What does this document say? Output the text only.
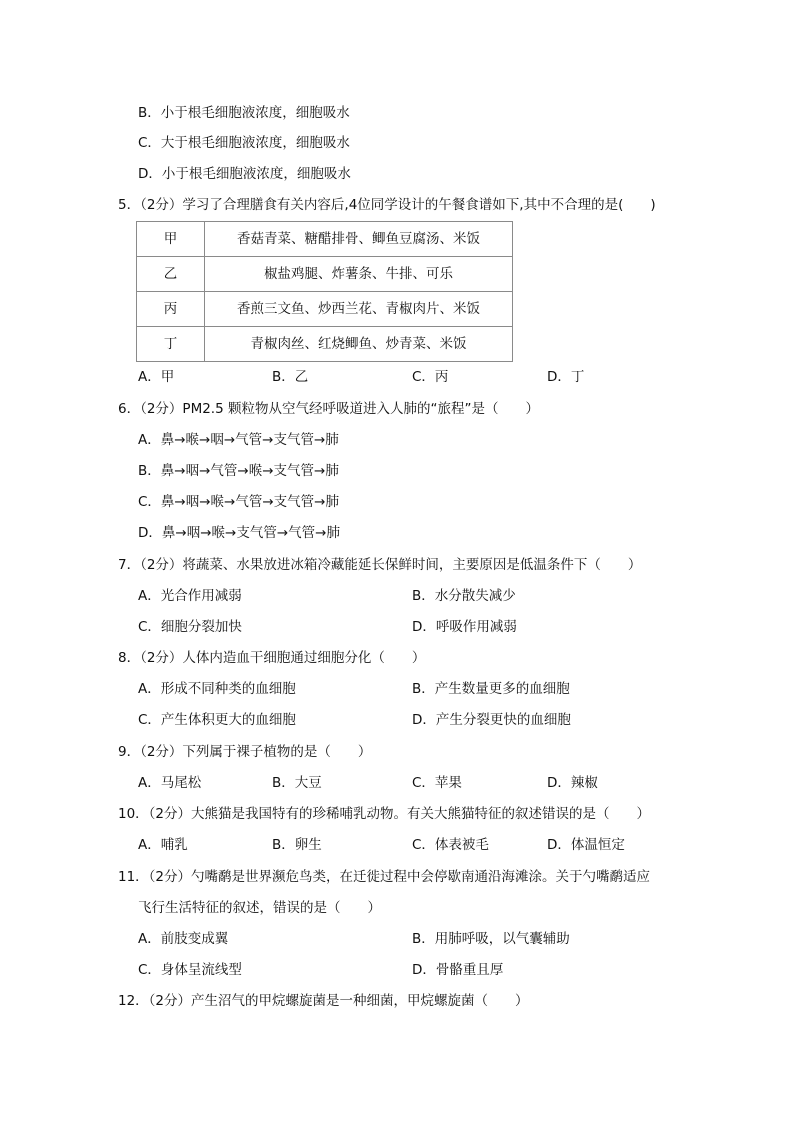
B．小于根毛细胞液浓度，细胞吸水
C．大于根毛细胞液浓度，细胞吸水
D．小于根毛细胞液浓度，细胞吸水
5．（2分）学习了合理膳食有关内容后,4位同学设计的午餐食谱如下,其中不合理的是(　　)
甲	香菇青菜、糖醋排骨、鲫鱼豆腐汤、米饭
乙	椒盐鸡腿、炸薯条、牛排、可乐
丙	香煎三文鱼、炒西兰花、青椒肉片、米饭
丁	青椒肉丝、红烧鲫鱼、炒青菜、米饭
A．甲	B．乙	C．丙	D．丁
6．（2分）PM2.5 颗粒物从空气经呼吸道进入人肺的“旅程”是（　　）
A．鼻→喉→咽→气管→支气管→肺
B．鼻→咽→气管→喉→支气管→肺
C．鼻→咽→喉→气管→支气管→肺
D．鼻→咽→喉→支气管→气管→肺
7．（2分）将蔬菜、水果放进冰箱冷藏能延长保鲜时间，主要原因是低温条件下（　　）
A．光合作用减弱	B．水分散失减少
C．细胞分裂加快	D．呼吸作用减弱
8．（2分）人体内造血干细胞通过细胞分化（　　）
A．形成不同种类的血细胞	B．产生数量更多的血细胞
C．产生体积更大的血细胞	D．产生分裂更快的血细胞
9．（2分）下列属于裸子植物的是（　　）
A．马尾松	B．大豆	C．苹果	D．辣椒
10．（2分）大熊猫是我国特有的珍稀哺乳动物。有关大熊猫特征的叙述错误的是（　　）
A．哺乳	B．卵生	C．体表被毛	D．体温恒定
11．（2分）勺嘴鹬是世界濒危鸟类，在迁徙过程中会停歇南通沿海滩涂。关于勺嘴鹬适应
飞行生活特征的叙述，错误的是（　　）
A．前肢变成翼	B．用肺呼吸，以气囊辅助
C．身体呈流线型	D．骨骼重且厚
12．（2分）产生沼气的甲烷螺旋菌是一种细菌，甲烷螺旋菌（　　）
